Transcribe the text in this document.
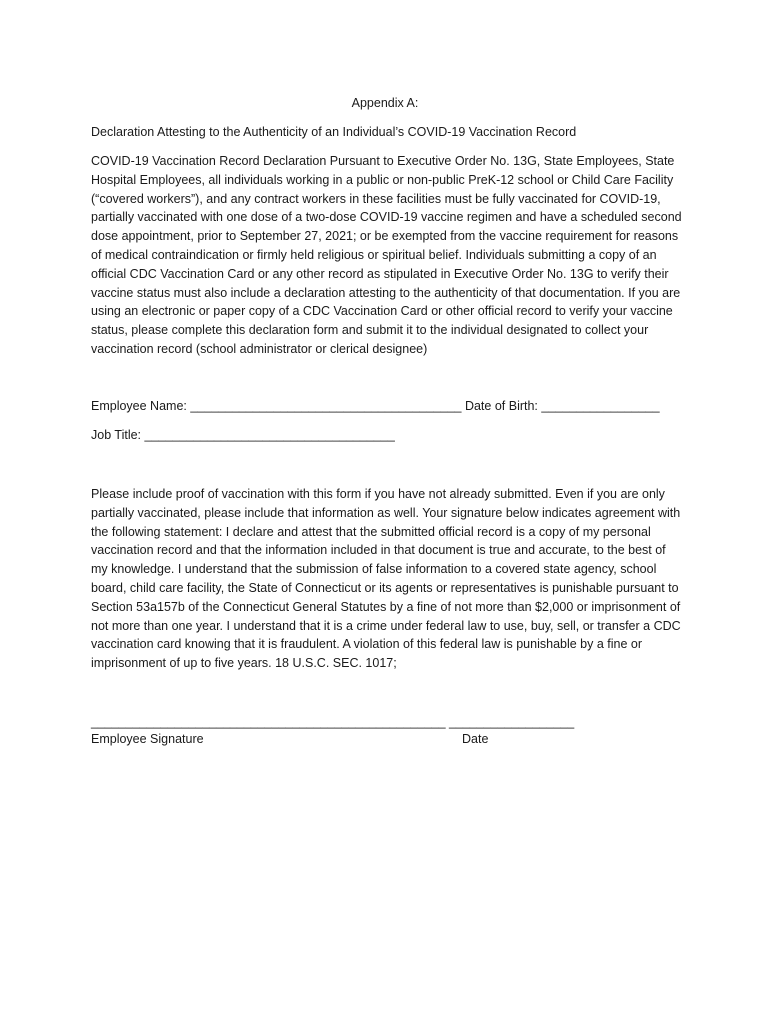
Appendix A:
Declaration Attesting to the Authenticity of an Individual’s COVID-19 Vaccination Record
COVID-19 Vaccination Record Declaration Pursuant to Executive Order No. 13G, State Employees, State Hospital Employees, all individuals working in a public or non-public PreK-12 school or Child Care Facility (“covered workers”), and any contract workers in these facilities must be fully vaccinated for COVID-19, partially vaccinated with one dose of a two-dose COVID-19 vaccine regimen and have a scheduled second dose appointment, prior to September 27, 2021; or be exempted from the vaccine requirement for reasons of medical contraindication or firmly held religious or spiritual belief. Individuals submitting a copy of an official CDC Vaccination Card or any other record as stipulated in Executive Order No. 13G to verify their vaccine status must also include a declaration attesting to the authenticity of that documentation. If you are using an electronic or paper copy of a CDC Vaccination Card or other official record to verify your vaccine status, please complete this declaration form and submit it to the individual designated to collect your vaccination record (school administrator or clerical designee)
Employee Name: _______________________________________ Date of Birth: _________________
Job Title: ____________________________________
Please include proof of vaccination with this form if you have not already submitted. Even if you are only partially vaccinated, please include that information as well. Your signature below indicates agreement with the following statement: I declare and attest that the submitted official record is a copy of my personal vaccination record and that the information included in that document is true and accurate, to the best of my knowledge. I understand that the submission of false information to a covered state agency, school board, child care facility, the State of Connecticut or its agents or representatives is punishable pursuant to Section 53a157b of the Connecticut General Statutes by a fine of not more than $2,000 or imprisonment of not more than one year. I understand that it is a crime under federal law to use, buy, sell, or transfer a CDC vaccination card knowing that it is fraudulent. A violation of this federal law is punishable by a fine or imprisonment of up to five years. 18 U.S.C. SEC. 1017;
___________________________________________________ __________________
Employee Signature	Date
